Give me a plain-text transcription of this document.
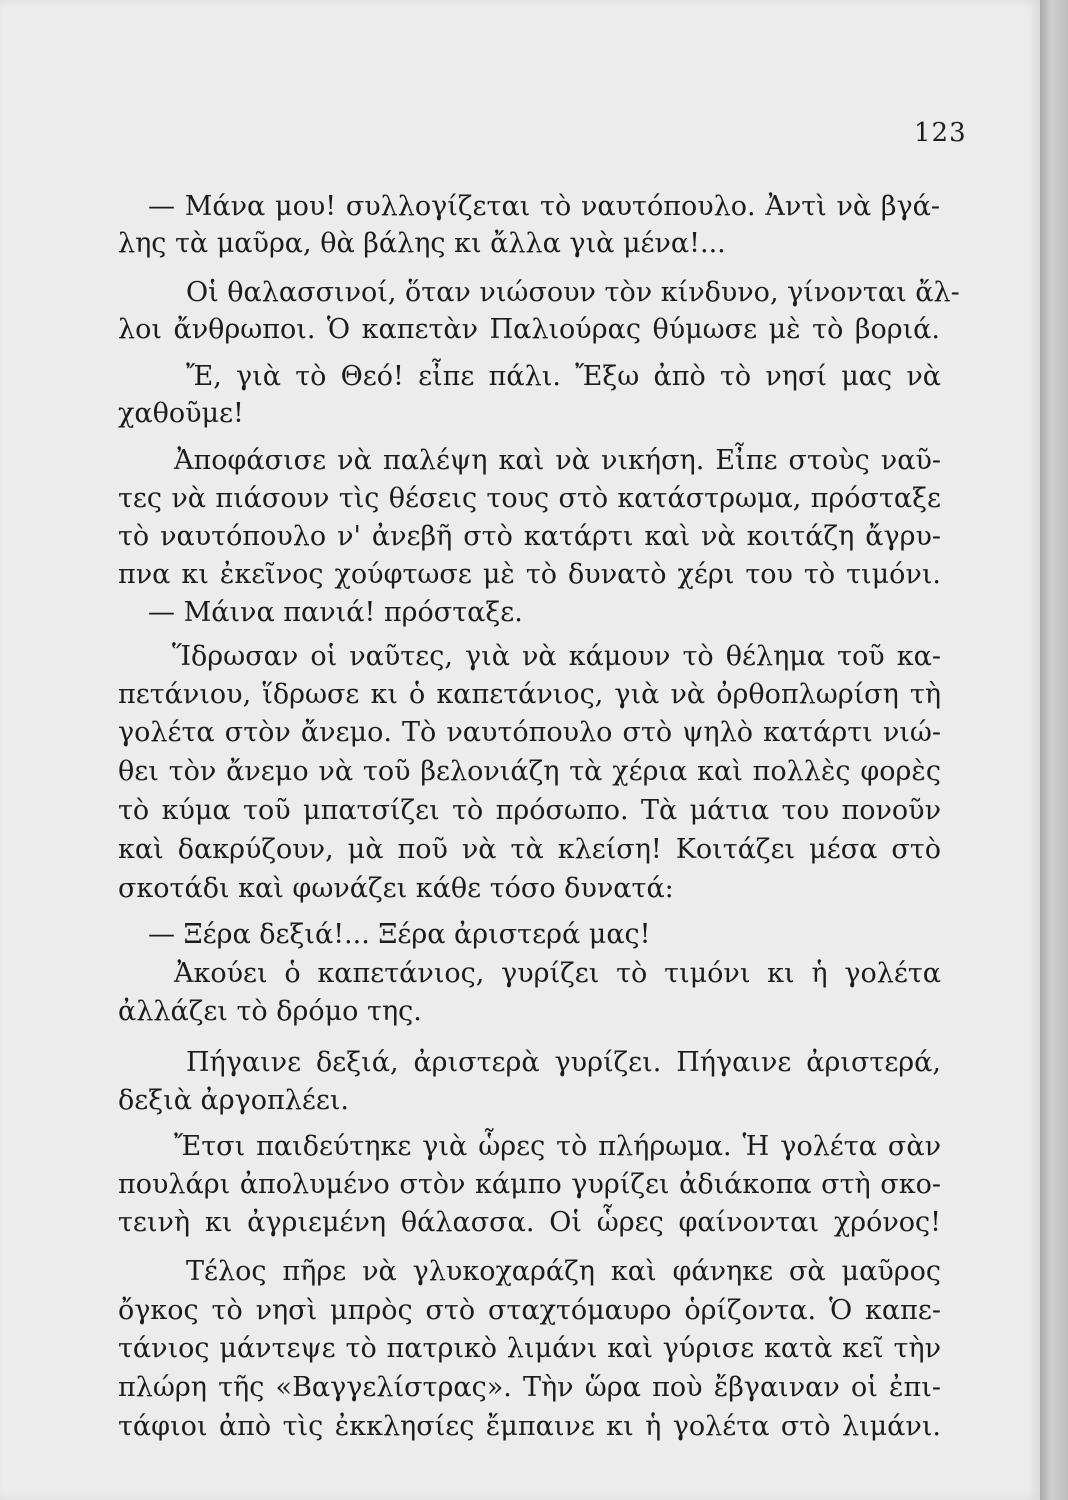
123
— Μάνα μου! συλλογίζεται τὸ ναυτόπουλο. Ἀντὶ νὰ βγά-
λης τὰ μαῦρα, θὰ βάλης κι ἄλλα γιὰ μένα!...
Οἱ θαλασσινοί, ὅταν νιώσουν τὸν κίνδυνο, γίνονται ἄλ-
λοι ἄνθρωποι. Ὁ καπετὰν Παλιούρας θύμωσε μὲ τὸ βοριά.
Ἔ, γιὰ τὸ Θεό! εἶπε πάλι. Ἔξω ἀπὸ τὸ νησί μας νὰ
χαθοῦμε!
Ἀποφάσισε νὰ παλέψη καὶ νὰ νικήση. Εἶπε στοὺς ναῦ-
τες νὰ πιάσουν τὶς θέσεις τους στὸ κατάστρωμα, πρόσταξε
τὸ ναυτόπουλο ν' ἀνεβῆ στὸ κατάρτι καὶ νὰ κοιτάζη ἄγρυ-
πνα κι ἐκεῖνος χούφτωσε μὲ τὸ δυνατὸ χέρι του τὸ τιμόνι.
— Μάινα πανιά! πρόσταξε.
Ἵδρωσαν οἱ ναῦτες, γιὰ νὰ κάμουν τὸ θέλημα τοῦ κα-
πετάνιου, ἵδρωσε κι ὁ καπετάνιος, γιὰ νὰ ὀρθοπλωρίση τὴ
γολέτα στὸν ἄνεμο. Τὸ ναυτόπουλο στὸ ψηλὸ κατάρτι νιώ-
θει τὸν ἄνεμο νὰ τοῦ βελονιάζη τὰ χέρια καὶ πολλὲς φορὲς
τὸ κύμα τοῦ μπατσίζει τὸ πρόσωπο. Τὰ μάτια του πονοῦν
καὶ δακρύζουν, μὰ ποῦ νὰ τὰ κλείση! Κοιτάζει μέσα στὸ
σκοτάδι καὶ φωνάζει κάθε τόσο δυνατά:
— Ξέρα δεξιά!... Ξέρα ἀριστερά μας!
Ἀκούει ὁ καπετάνιος, γυρίζει τὸ τιμόνι κι ἡ γολέτα
ἀλλάζει τὸ δρόμο της.
Πήγαινε δεξιά, ἀριστερὰ γυρίζει. Πήγαινε ἀριστερά,
δεξιὰ ἀργοπλέει.
Ἔτσι παιδεύτηκε γιὰ ὧρες τὸ πλήρωμα. Ἡ γολέτα σὰν
πουλάρι ἀπολυμένο στὸν κάμπο γυρίζει ἀδιάκοπα στὴ σκο-
τεινὴ κι ἀγριεμένη θάλασσα. Οἱ ὧρες φαίνονται χρόνος!
Τέλος πῆρε νὰ γλυκοχαράζη καὶ φάνηκε σὰ μαῦρος
ὄγκος τὸ νησὶ μπρὸς στὸ σταχτόμαυρο ὁρίζοντα. Ὁ καπε-
τάνιος μάντεψε τὸ πατρικὸ λιμάνι καὶ γύρισε κατὰ κεῖ τὴν
πλώρη τῆς «Βαγγελίστρας». Τὴν ὥρα ποὺ ἔβγαιναν οἱ ἐπι-
τάφιοι ἀπὸ τὶς ἐκκλησίες ἔμπαινε κι ἡ γολέτα στὸ λιμάνι.
